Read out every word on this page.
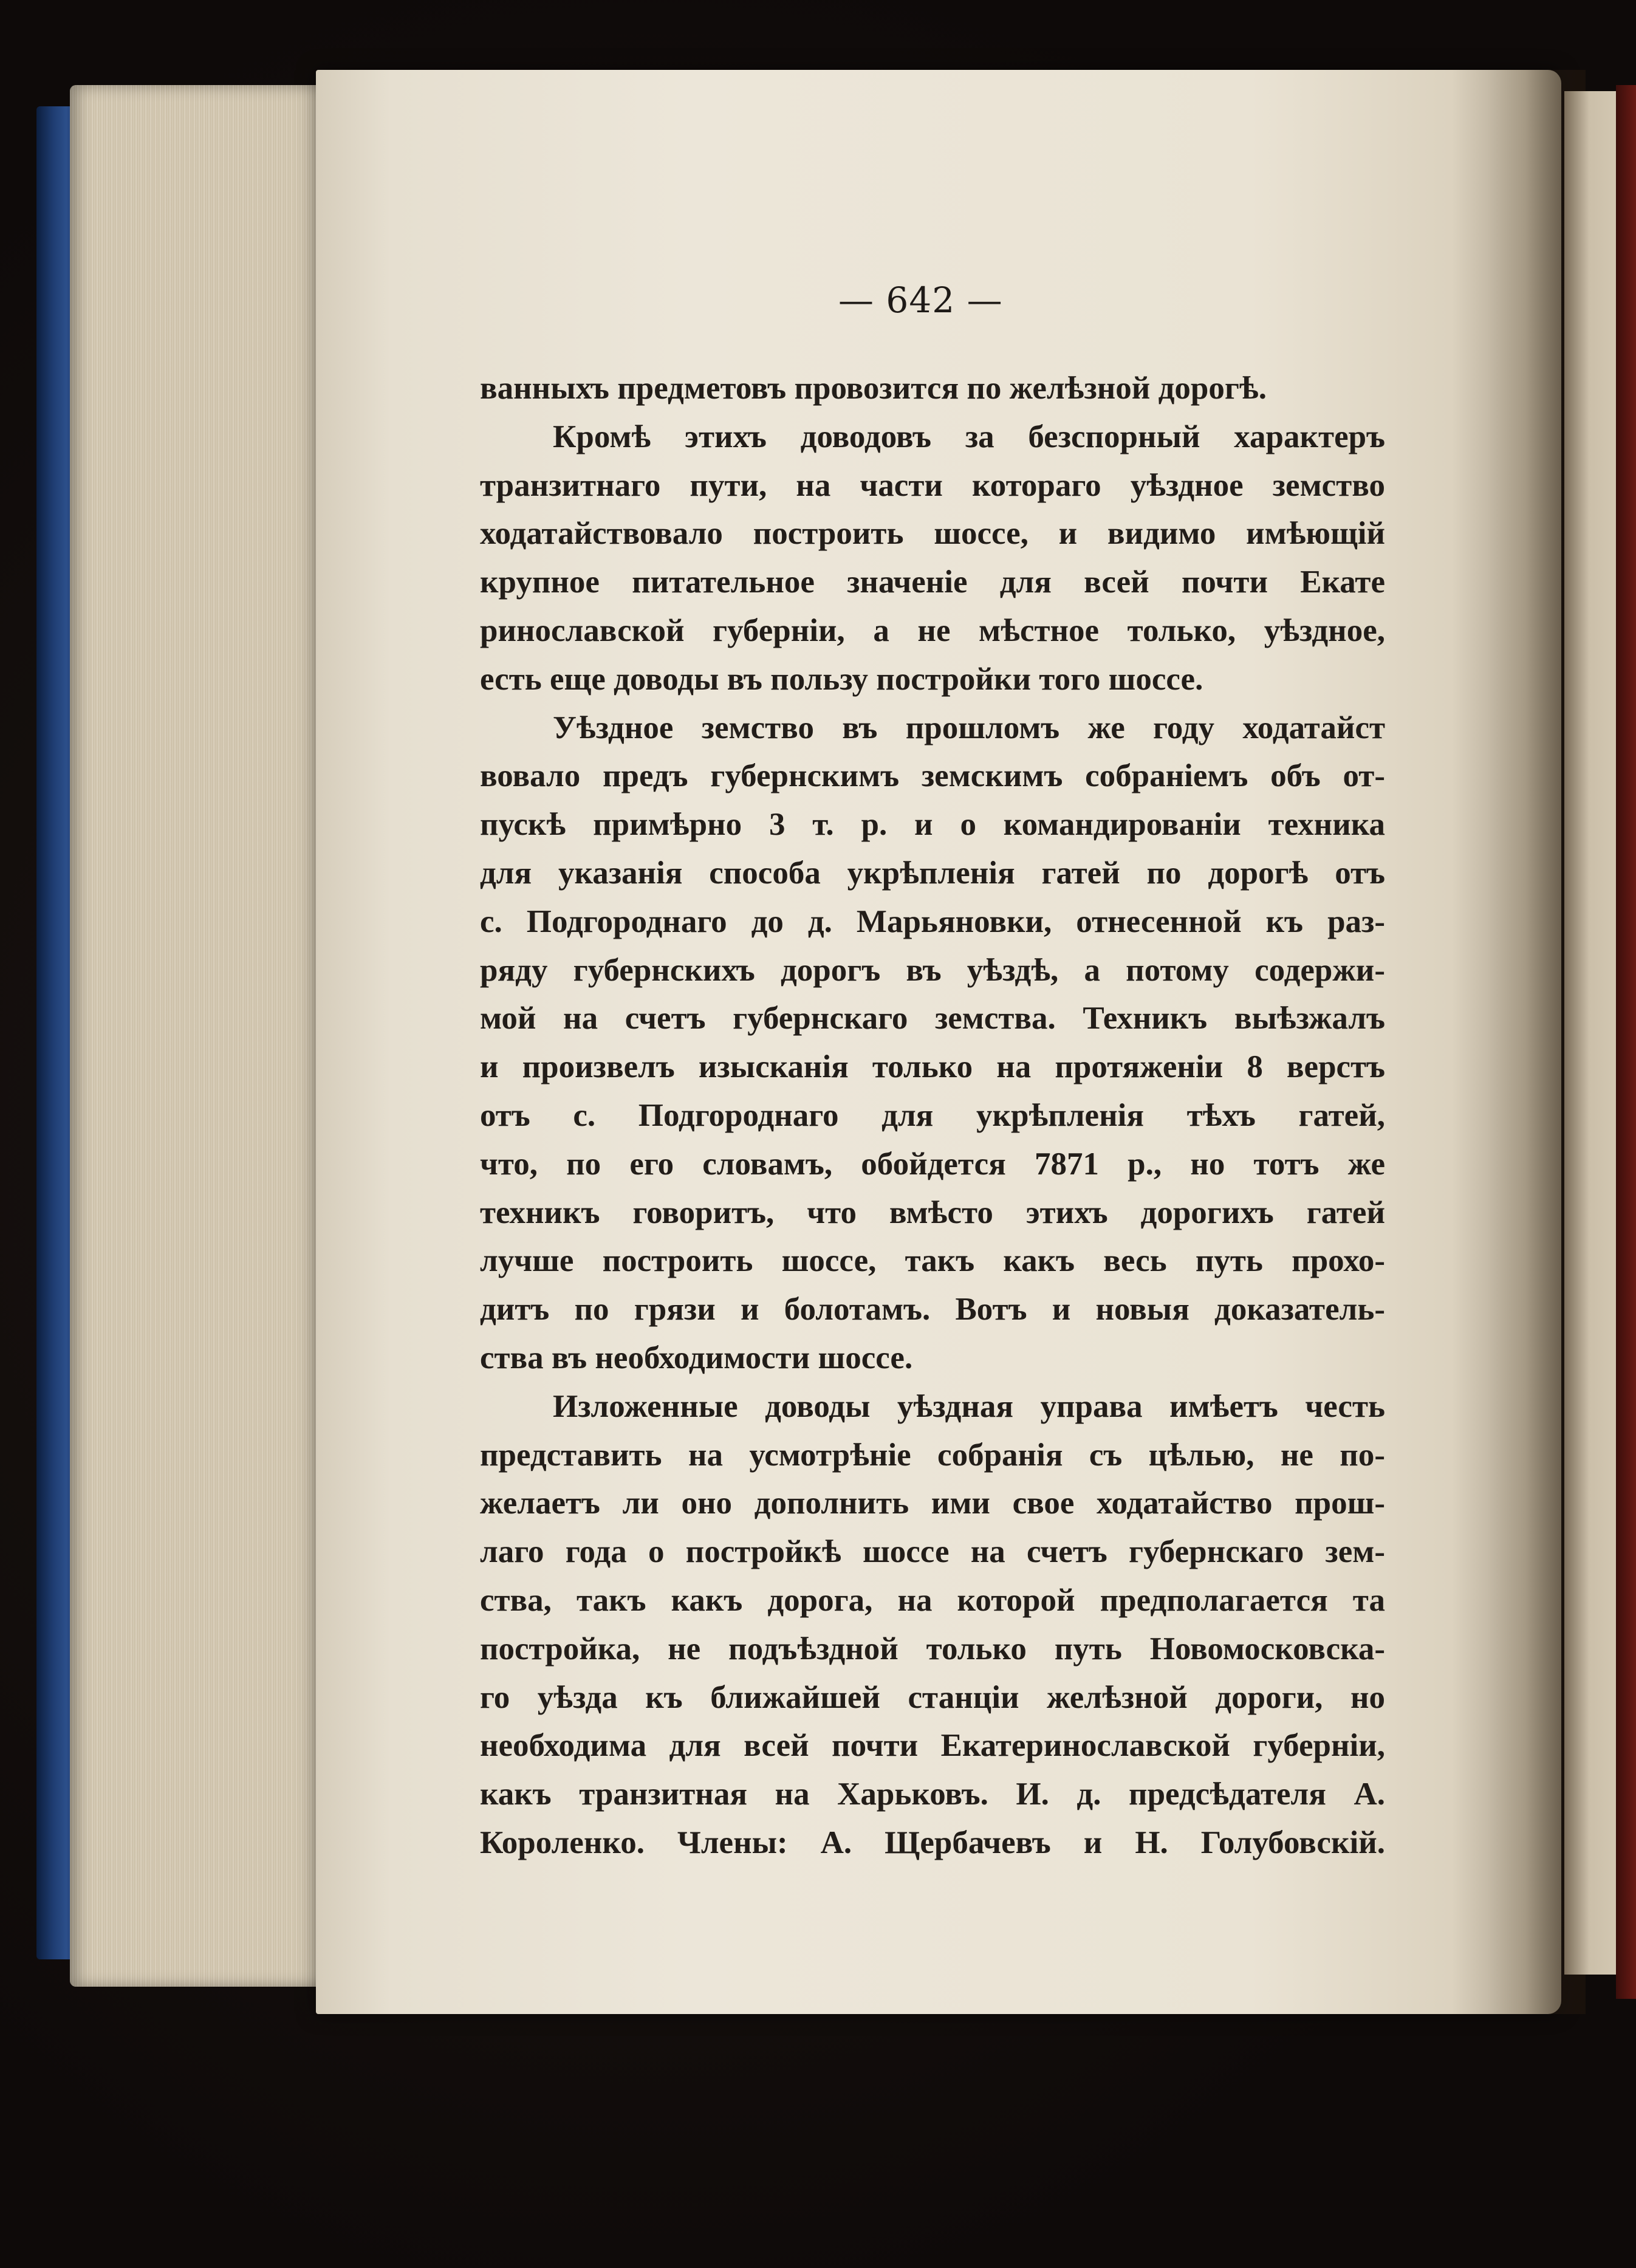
— 642 —

ванныхъ предметовъ провозится по желѣзной дорогѣ.

Кромѣ этихъ доводовъ за безспорный характеръ

транзитнаго пути, на части котораго уѣздное земство

ходатайствовало построить шоссе, и видимо имѣющій

крупное питательное значеніе для всей почти Екате

ринославской губерніи, а не мѣстное только, уѣздное,

есть еще доводы въ пользу постройки того шоссе.

Уѣздное земство въ прошломъ же году ходатайст

вовало предъ губернскимъ земскимъ собраніемъ объ от-

пускѣ примѣрно 3 т. р. и о командированіи техника

для указанія способа укрѣпленія гатей по дорогѣ отъ

с. Подгороднаго до д. Марьяновки, отнесенной къ раз-

ряду губернскихъ дорогъ въ уѣздѣ, а потому содержи-

мой на счетъ губернскаго земства. Техникъ выѣзжалъ

и произвелъ изысканія только на протяженіи 8 верстъ

отъ с. Подгороднаго для укрѣпленія тѣхъ гатей,

что, по его словамъ, обойдется 7871 р., но тотъ же

техникъ говоритъ, что вмѣсто этихъ дорогихъ гатей

лучше построить шоссе, такъ какъ весь путь прохо-

дитъ по грязи и болотамъ. Вотъ и новыя доказатель-

ства въ необходимости шоссе.

Изложенные доводы уѣздная управа имѣетъ честь

представить на усмотрѣніе собранія съ цѣлью, не по-

желаетъ ли оно дополнить ими свое ходатайство прош-

лаго года о постройкѣ шоссе на счетъ губернскаго зем-

ства, такъ какъ дорога, на которой предполагается та

постройка, не подъѣздной только путь Новомосковска-

го уѣзда къ ближайшей станціи желѣзной дороги, но

необходима для всей почти Екатеринославской губерніи,

какъ транзитная на Харьковъ. И. д. предсѣдателя А.

Короленко. Члены: А. Щербачевъ и Н. Голубовскій.
